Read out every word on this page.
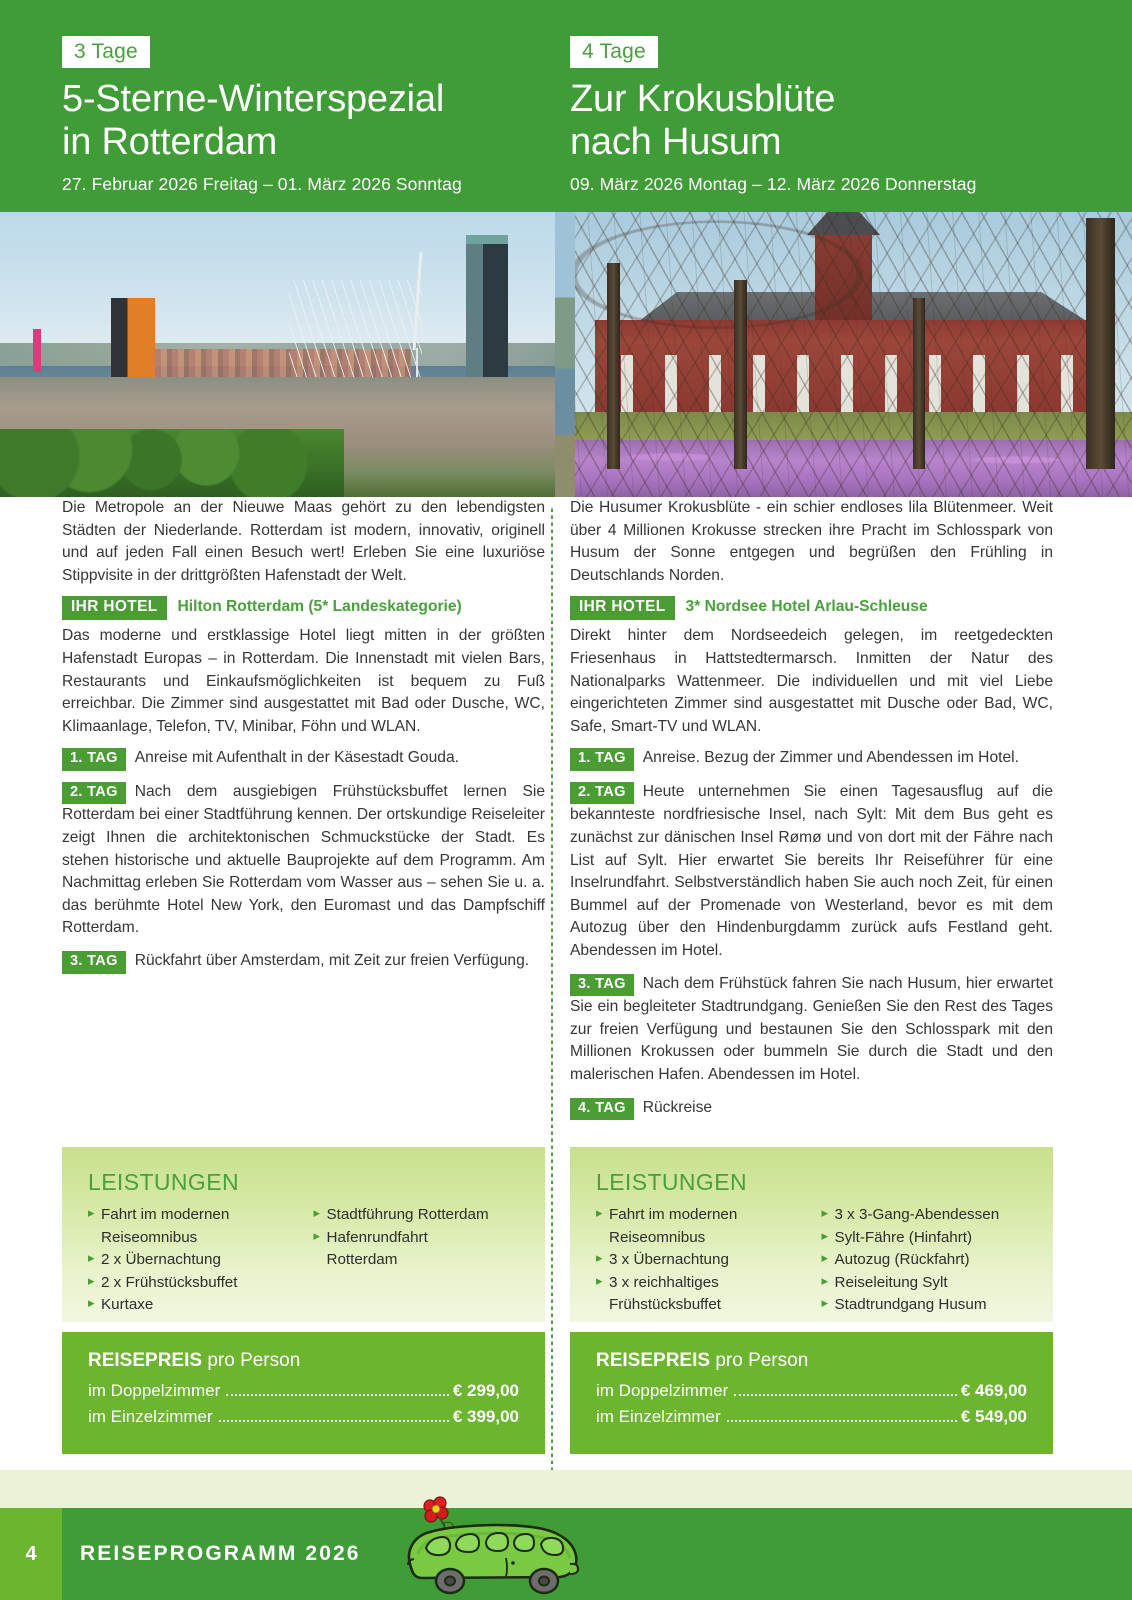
3 Tage
5-Sterne-Winterspezial
in Rotterdam
27. Februar 2026 Freitag – 01. März 2026 Sonntag
4 Tage
Zur Krokusblüte
nach Husum
09. März 2026 Montag – 12. März 2026 Donnerstag

Die Metropole an der Nieuwe Maas gehört zu den lebendigsten Städten der Niederlande. Rotterdam ist modern, innovativ, originell und auf jeden Fall einen Besuch wert! Erleben Sie eine luxuriöse Stippvisite in der drittgrößten Hafenstadt der Welt.

IHR HOTEL	Hilton Rotterdam (5* Landeskategorie)

Das moderne und erstklassige Hotel liegt mitten in der größten Hafenstadt Europas – in Rotterdam. Die Innenstadt mit vielen Bars, Restaurants und Einkaufsmöglichkeiten ist bequem zu Fuß erreichbar. Die Zimmer sind ausgestattet mit Bad oder Dusche, WC, Klimaanlage, Telefon, TV, Minibar, Föhn und WLAN.

1. TAG Anreise mit Aufenthalt in der Käsestadt Gouda.
2. TAG Nach dem ausgiebigen Frühstücksbuffet lernen Sie Rotterdam bei einer Stadtführung kennen. Der ortskundige Reiseleiter zeigt Ihnen die architektonischen Schmuckstücke der Stadt. Es stehen historische und aktuelle Bauprojekte auf dem Programm. Am Nachmittag erleben Sie Rotterdam vom Wasser aus – sehen Sie u. a. das berühmte Hotel New York, den Euromast und das Dampfschiff Rotterdam.
3. TAG Rückfahrt über Amsterdam, mit Zeit zur freien Verfügung.

Die Husumer Krokusblüte - ein schier endloses lila Blütenmeer. Weit über 4 Millionen Krokusse strecken ihre Pracht im Schlosspark von Husum der Sonne entgegen und begrüßen den Frühling in Deutschlands Norden.

IHR HOTEL	3* Nordsee Hotel Arlau-Schleuse

Direkt hinter dem Nordseedeich gelegen, im reetgedeckten Friesenhaus in Hattstedtermarsch. Inmitten der Natur des Nationalparks Wattenmeer. Die individuellen und mit viel Liebe eingerichteten Zimmer sind ausgestattet mit Dusche oder Bad, WC, Safe, Smart-TV und WLAN.

1. TAG Anreise. Bezug der Zimmer und Abendessen im Hotel.
2. TAG Heute unternehmen Sie einen Tagesausflug auf die bekannteste nordfriesische Insel, nach Sylt: Mit dem Bus geht es zunächst zur dänischen Insel Rømø und von dort mit der Fähre nach List auf Sylt. Hier erwartet Sie bereits Ihr Reiseführer für eine Inselrundfahrt. Selbstverständlich haben Sie auch noch Zeit, für einen Bummel auf der Promenade von Westerland, bevor es mit dem Autozug über den Hindenburgdamm zurück aufs Festland geht. Abendessen im Hotel.
3. TAG Nach dem Frühstück fahren Sie nach Husum, hier erwartet Sie ein begleiteter Stadtrundgang. Genießen Sie den Rest des Tages zur freien Verfügung und bestaunen Sie den Schlosspark mit den Millionen Krokussen oder bummeln Sie durch die Stadt und den malerischen Hafen. Abendessen im Hotel.
4. TAG Rückreise
LEISTUNGEN
▸ Fahrt im modernen
Reiseomnibus
▸ 2 x Übernachtung
▸ 2 x Frühstücksbuffet
▸ Kurtaxe
▸ Stadtführung Rotterdam
▸ Hafenrundfahrt
Rotterdam
LEISTUNGEN
▸ Fahrt im modernen
Reiseomnibus
▸ 3 x Übernachtung
▸ 3 x reichhaltiges
Frühstücksbuffet
▸ 3 x 3-Gang-Abendessen
▸ Sylt-Fähre (Hinfahrt)
▸ Autozug (Rückfahrt)
▸ Reiseleitung Sylt
▸ Stadtrundgang Husum
REISEPREIS pro Person
im Doppelzimmer	€ 299,00
im Einzelzimmer	€ 399,00
REISEPREIS pro Person
im Doppelzimmer	€ 469,00
im Einzelzimmer	€ 549,00
4	REISEPROGRAMM 2026
